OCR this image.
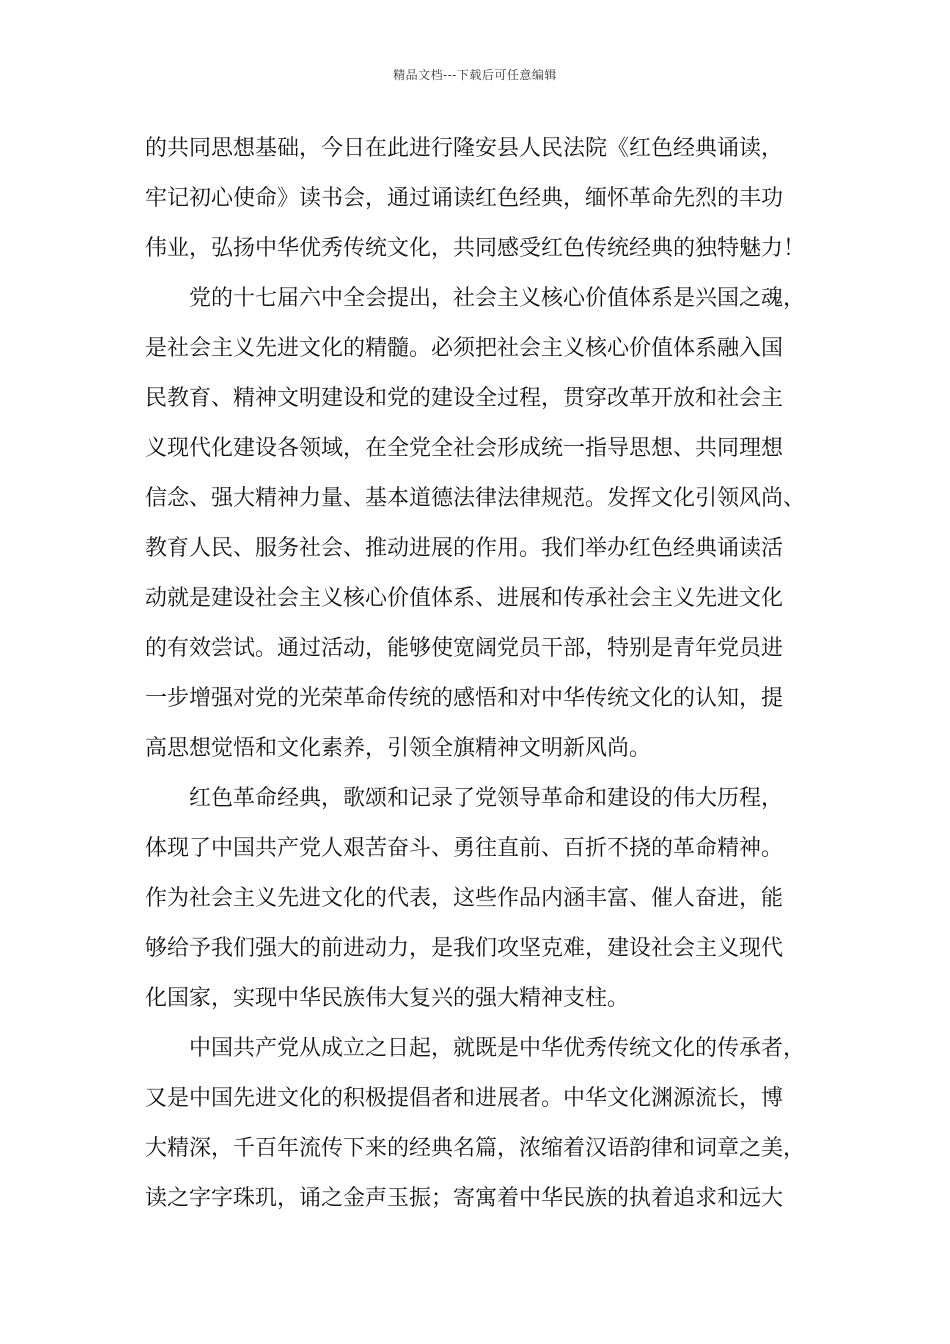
精品文档---下载后可任意编辑
的共同思想基础，今日在此进行隆安县人民法院《红色经典诵读，
牢记初心使命》读书会，通过诵读红色经典，缅怀革命先烈的丰功
伟业，弘扬中华优秀传统文化，共同感受红色传统经典的独特魅力！
党的十七届六中全会提出，社会主义核心价值体系是兴国之魂，
是社会主义先进文化的精髓。必须把社会主义核心价值体系融入国
民教育、精神文明建设和党的建设全过程，贯穿改革开放和社会主
义现代化建设各领域，在全党全社会形成统一指导思想、共同理想
信念、强大精神力量、基本道德法律法律规范。发挥文化引领风尚、
教育人民、服务社会、推动进展的作用。我们举办红色经典诵读活
动就是建设社会主义核心价值体系、进展和传承社会主义先进文化
的有效尝试。通过活动，能够使宽阔党员干部，特别是青年党员进
一步增强对党的光荣革命传统的感悟和对中华传统文化的认知，提
高思想觉悟和文化素养，引领全旗精神文明新风尚。
红色革命经典，歌颂和记录了党领导革命和建设的伟大历程，
体现了中国共产党人艰苦奋斗、勇往直前、百折不挠的革命精神。
作为社会主义先进文化的代表，这些作品内涵丰富、催人奋进，能
够给予我们强大的前进动力，是我们攻坚克难，建设社会主义现代
化国家，实现中华民族伟大复兴的强大精神支柱。
中国共产党从成立之日起，就既是中华优秀传统文化的传承者，
又是中国先进文化的积极提倡者和进展者。中华文化渊源流长，博
大精深，千百年流传下来的经典名篇，浓缩着汉语韵律和词章之美，
读之字字珠玑，诵之金声玉振；寄寓着中华民族的执着追求和远大
